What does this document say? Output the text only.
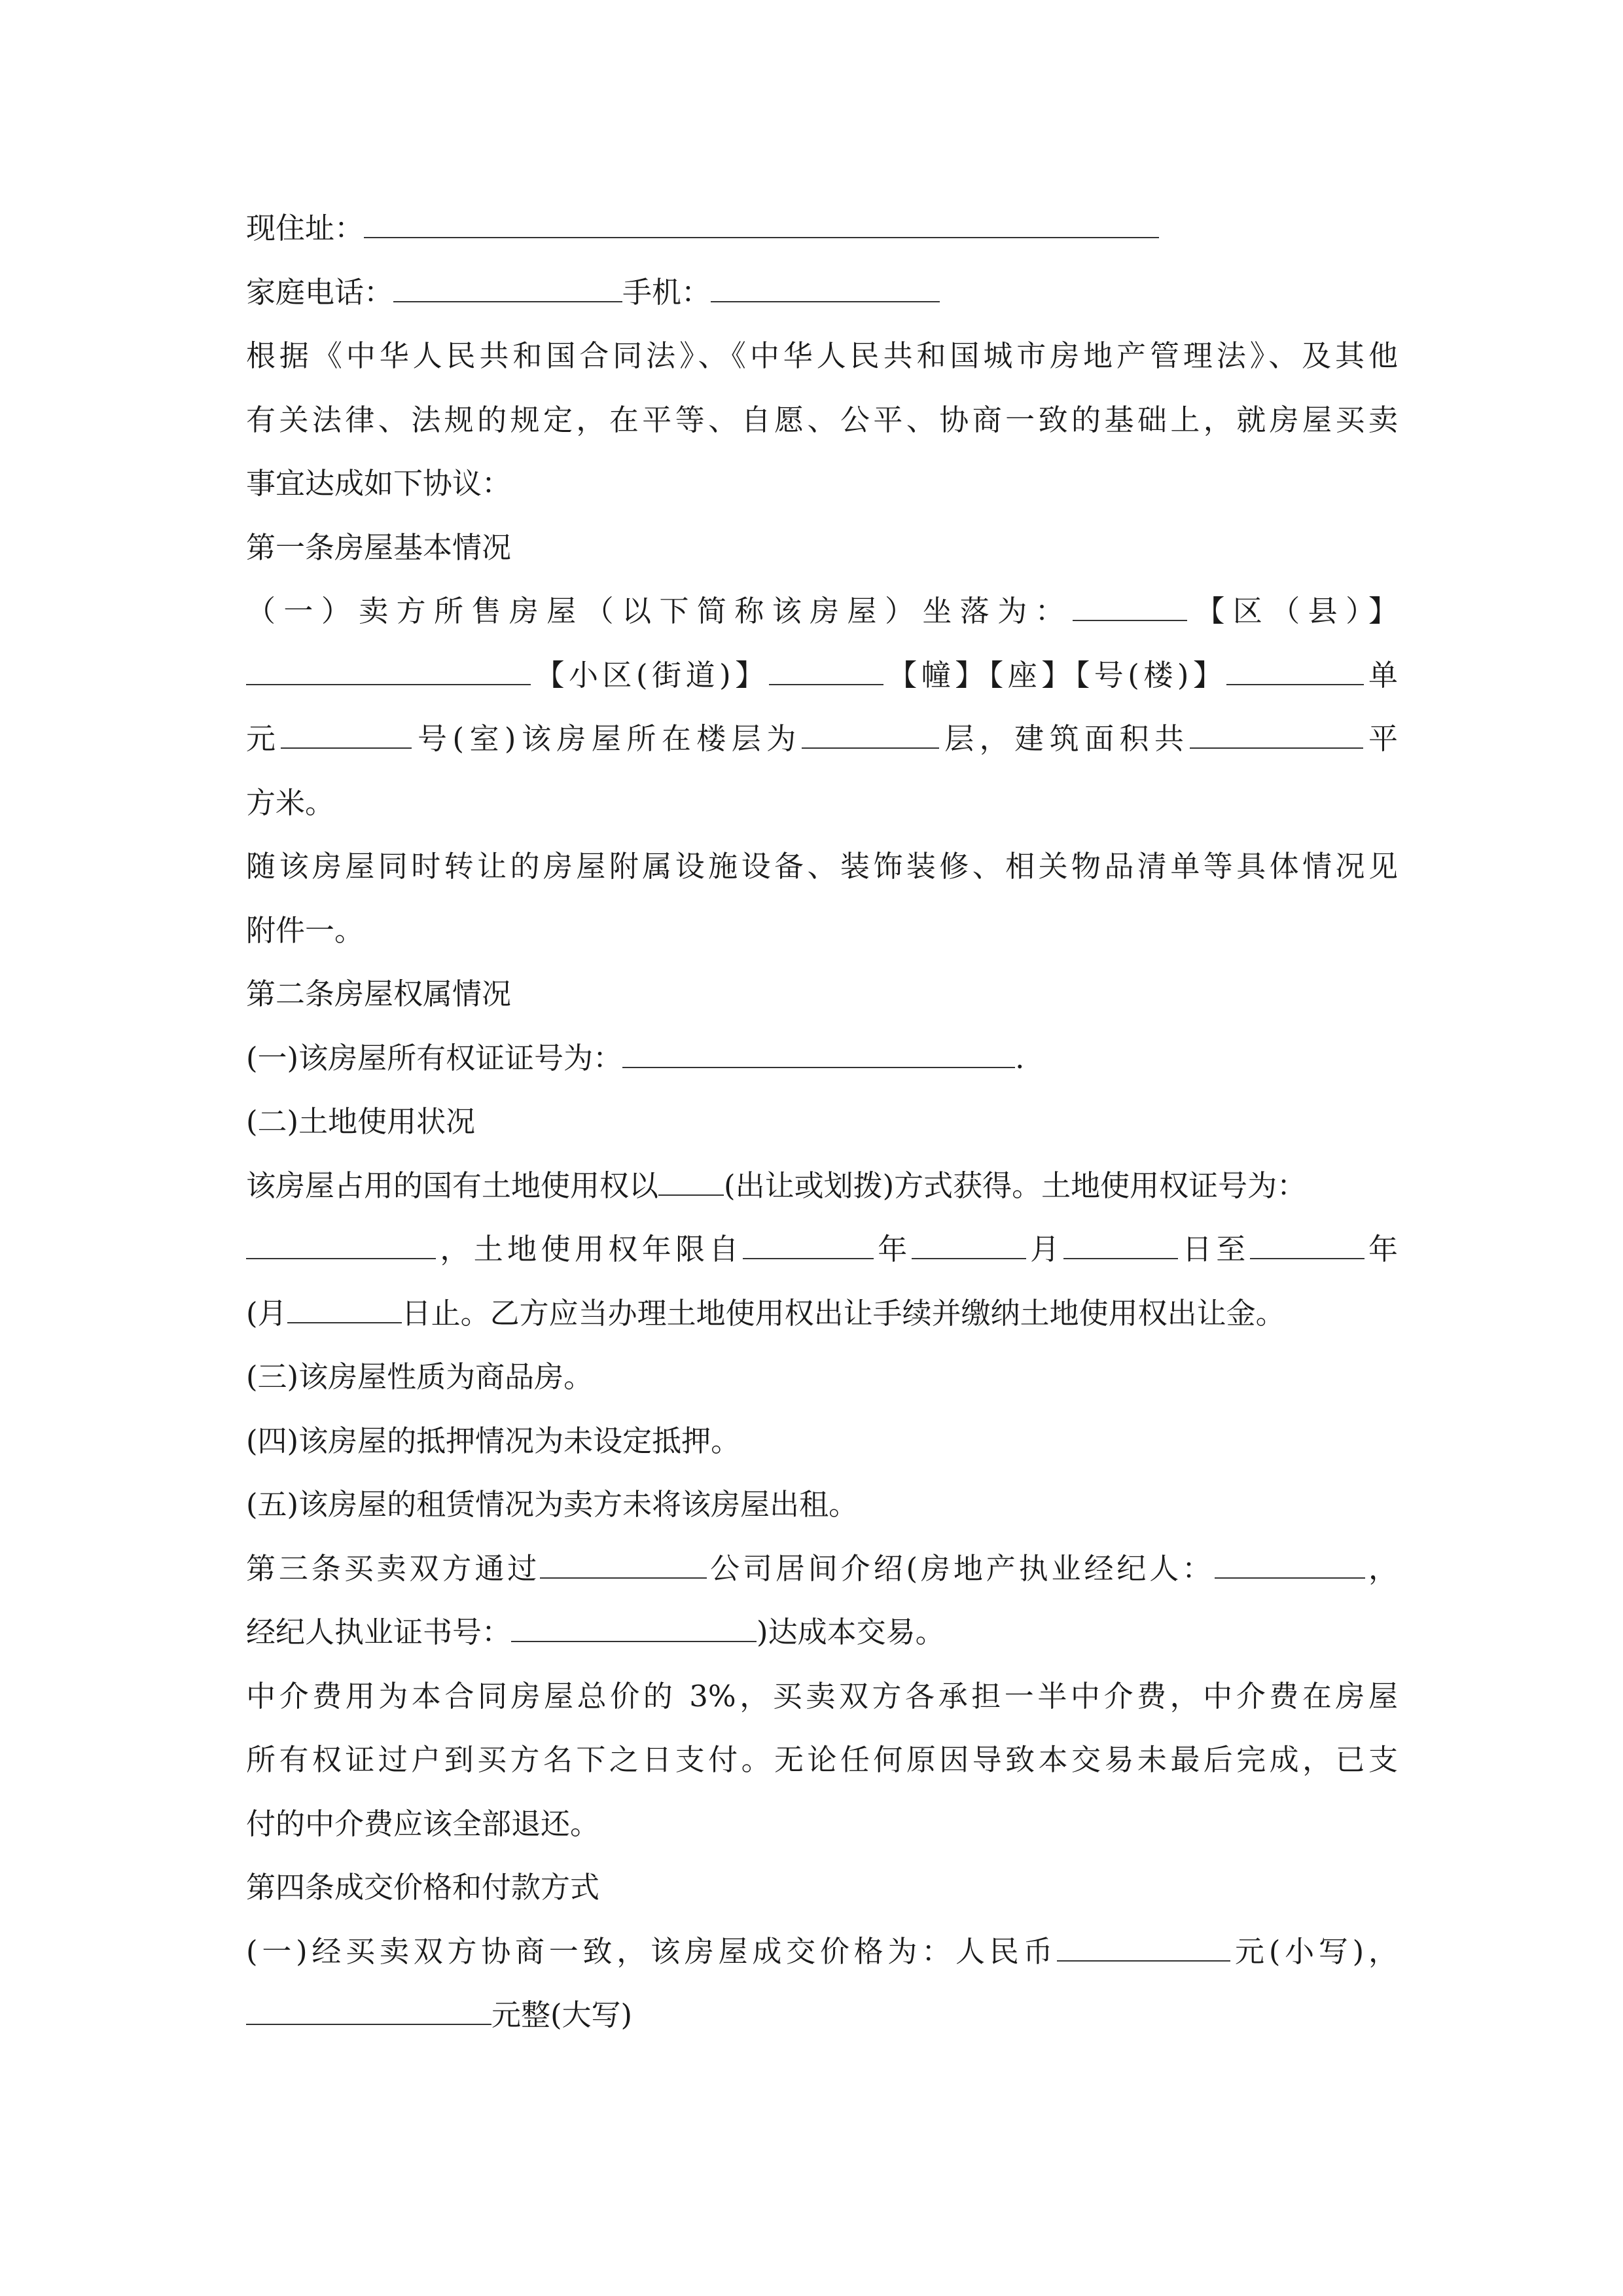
现住址：
家庭电话：	手机：
根据《中华人民共和国合同法》、《中华人民共和国城市房地产管理法》、及其他
有关法律、法规的规定，在平等、自愿、公平、协商一致的基础上，就房屋买卖
事宜达成如下协议：
第一条房屋基本情况
（一）卖方所售房屋（以下简称该房屋）坐落为：	【区（县）】
【小区(街道)】	【幢】【座】【号(楼)】	单
元	号(室)该房屋所在楼层为	层，建筑面积共	平
方米。
随该房屋同时转让的房屋附属设施设备、装饰装修、相关物品清单等具体情况见
附件一。
第二条房屋权属情况
(一)该房屋所有权证证号为：	.
(二)土地使用状况
该房屋占用的国有土地使用权以 (出让或划拨)方式获得。土地使用权证号为：
，土地使用权年限自	年	月	日至	年
(月	日止。乙方应当办理土地使用权出让手续并缴纳土地使用权出让金。
(三)该房屋性质为商品房。
(四)该房屋的抵押情况为未设定抵押。
(五)该房屋的租赁情况为卖方未将该房屋出租。
第三条买卖双方通过	公司居间介绍(房地产执业经纪人：	，
经纪人执业证书号：	)达成本交易。
中介费用为本合同房屋总价的 3%，买卖双方各承担一半中介费，中介费在房屋
所有权证过户到买方名下之日支付。无论任何原因导致本交易未最后完成，已支
付的中介费应该全部退还。
第四条成交价格和付款方式
(一)经买卖双方协商一致，该房屋成交价格为：人民币	元(小写)，
元整(大写)
